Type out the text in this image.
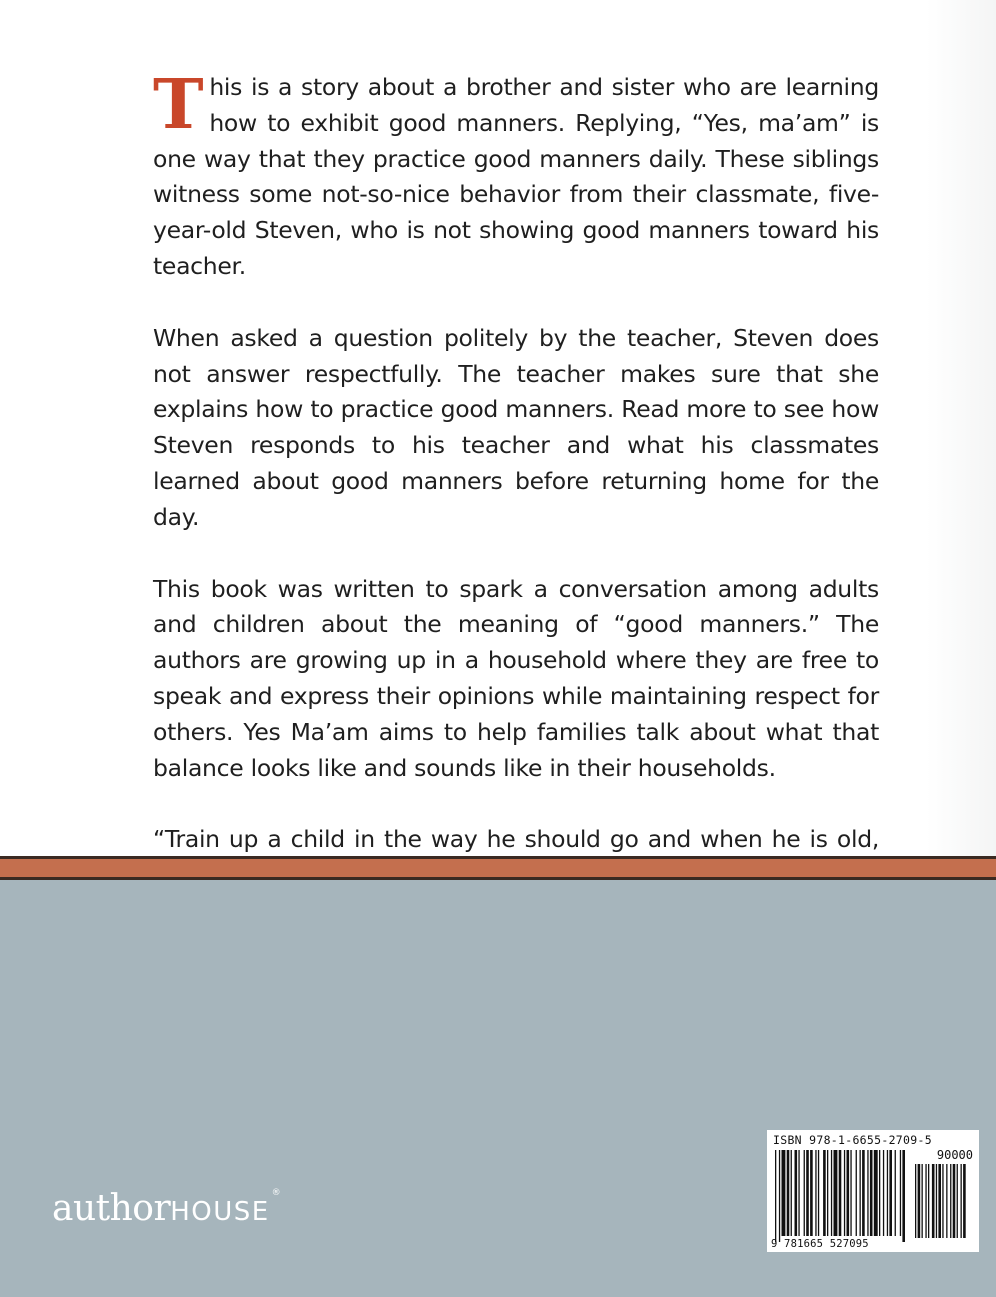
This is a story about a brother and sister who are learning how to exhibit good manners. Replying, “Yes, ma’am” is one way that they practice good manners daily. These siblings witness some not-so-nice behavior from their classmate, five-year-old Steven, who is not showing good manners toward his teacher.

When asked a question politely by the teacher, Steven does not answer respectfully. The teacher makes sure that she explains how to practice good manners. Read more to see how Steven responds to his teacher and what his classmates learned about good manners before returning home for the day.

This book was written to spark a conversation among adults and children about the meaning of “good manners.” The authors are growing up in a household where they are free to speak and express their opinions while maintaining respect for others. Yes Ma’am aims to help families talk about what that balance looks like and sounds like in their households.

“Train up a child in the way he should go and when he is old,

authorHOUSE®
ISBN 978-1-6655-2709-5
90000
9 781665 527095
